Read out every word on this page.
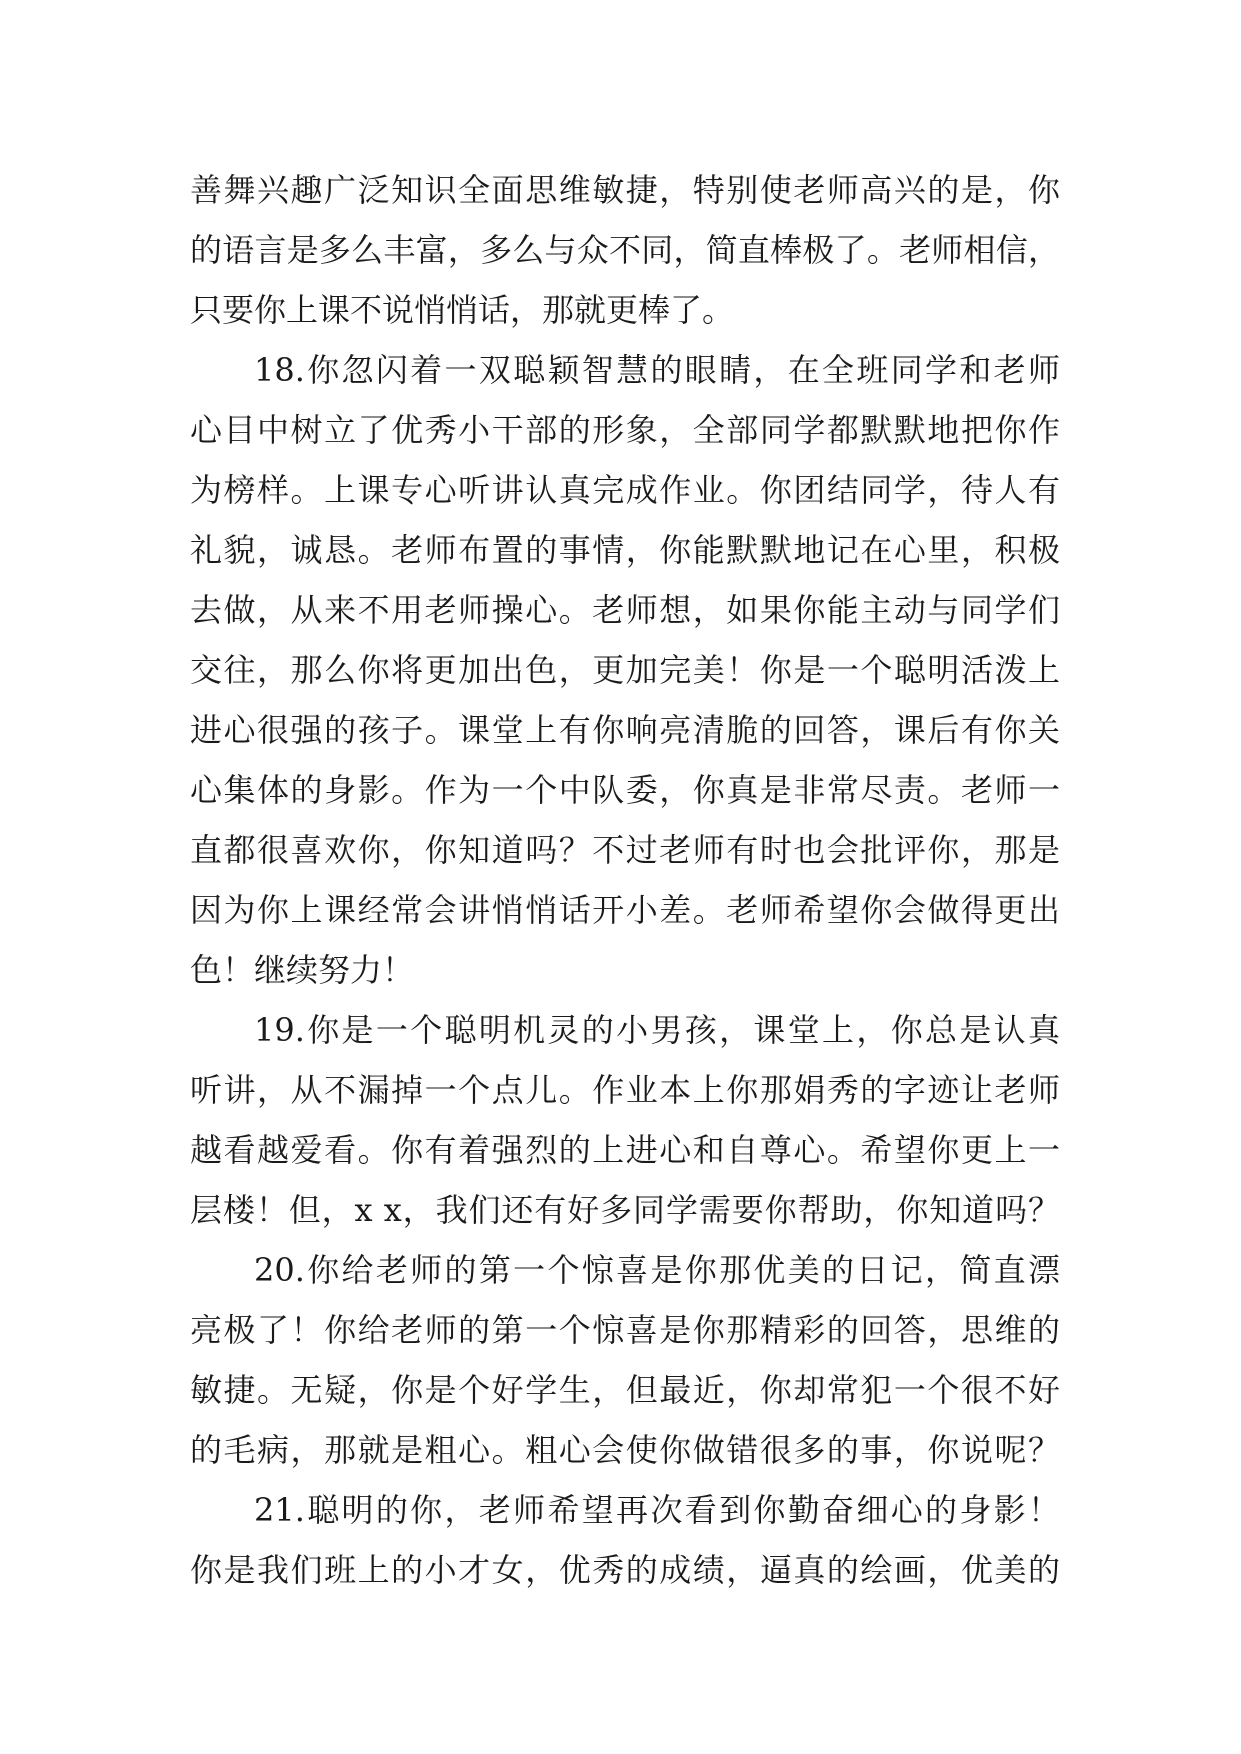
善舞兴趣广泛知识全面思维敏捷，特别使老师高兴的是，你
的语言是多么丰富，多么与众不同，简直棒极了。老师相信，
只要你上课不说悄悄话，那就更棒了。
18.你忽闪着一双聪颖智慧的眼睛，在全班同学和老师
心目中树立了优秀小干部的形象，全部同学都默默地把你作
为榜样。上课专心听讲认真完成作业。你团结同学，待人有
礼貌，诚恳。老师布置的事情，你能默默地记在心里，积极
去做，从来不用老师操心。老师想，如果你能主动与同学们
交往，那么你将更加出色，更加完美！你是一个聪明活泼上
进心很强的孩子。课堂上有你响亮清脆的回答，课后有你关
心集体的身影。作为一个中队委，你真是非常尽责。老师一
直都很喜欢你，你知道吗？不过老师有时也会批评你，那是
因为你上课经常会讲悄悄话开小差。老师希望你会做得更出
色！继续努力！
19.你是一个聪明机灵的小男孩，课堂上，你总是认真
听讲，从不漏掉一个点儿。作业本上你那娟秀的字迹让老师
越看越爱看。你有着强烈的上进心和自尊心。希望你更上一
层楼！但，x x，我们还有好多同学需要你帮助，你知道吗？
20.你给老师的第一个惊喜是你那优美的日记，简直漂
亮极了！你给老师的第一个惊喜是你那精彩的回答，思维的
敏捷。无疑，你是个好学生，但最近，你却常犯一个很不好
的毛病，那就是粗心。粗心会使你做错很多的事，你说呢？
21.聪明的你，老师希望再次看到你勤奋细心的身影！
你是我们班上的小才女，优秀的成绩，逼真的绘画，优美的
